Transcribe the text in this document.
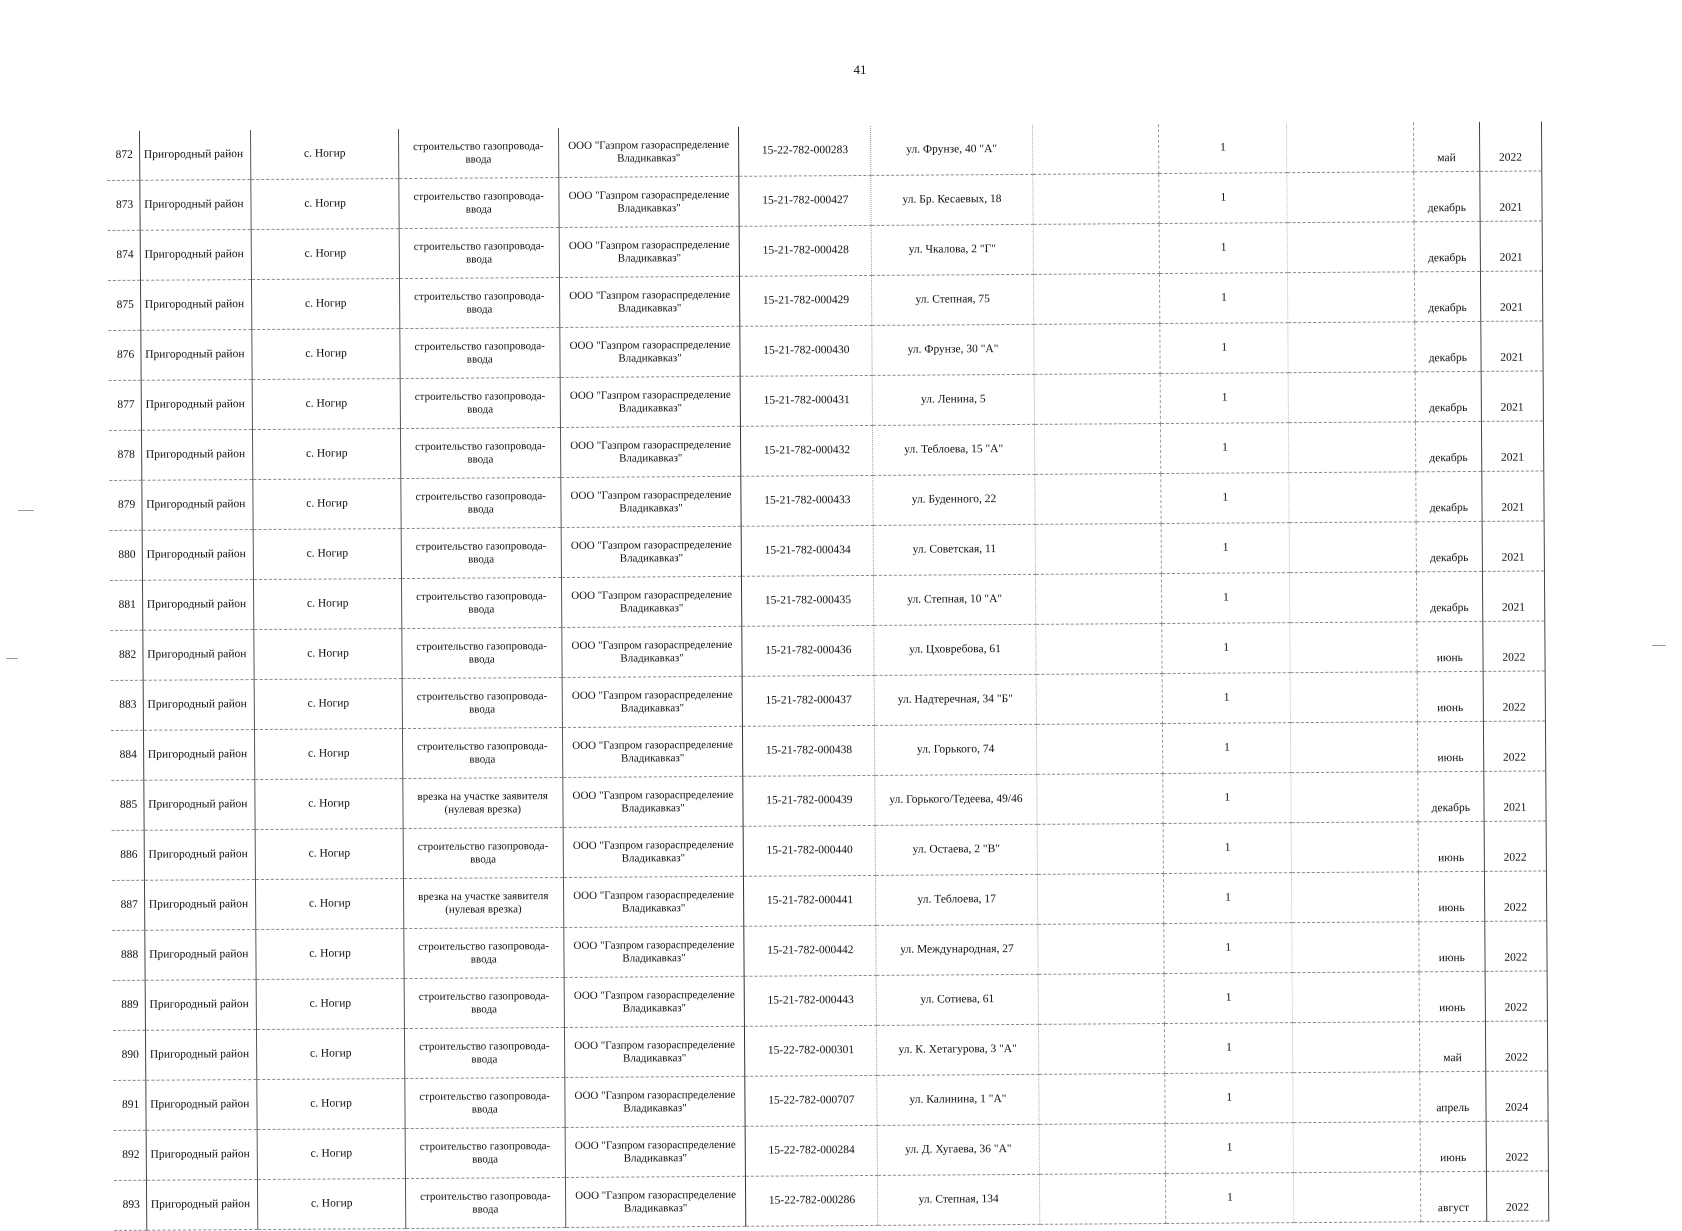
41
872	Пригородный район	с. Ногир	строительство газопровода-ввода	ООО "Газпром газораспределение Владикавказ"	15-22-782-000283	ул. Фрунзе, 40 "А"		1		май	2022
873	Пригородный район	с. Ногир	строительство газопровода-ввода	ООО "Газпром газораспределение Владикавказ"	15-21-782-000427	ул. Бр. Кесаевых, 18		1		декабрь	2021
874	Пригородный район	с. Ногир	строительство газопровода-ввода	ООО "Газпром газораспределение Владикавказ"	15-21-782-000428	ул. Чкалова, 2 "Г"		1		декабрь	2021
875	Пригородный район	с. Ногир	строительство газопровода-ввода	ООО "Газпром газораспределение Владикавказ"	15-21-782-000429	ул. Степная, 75		1		декабрь	2021
876	Пригородный район	с. Ногир	строительство газопровода-ввода	ООО "Газпром газораспределение Владикавказ"	15-21-782-000430	ул. Фрунзе, 30 "А"		1		декабрь	2021
877	Пригородный район	с. Ногир	строительство газопровода-ввода	ООО "Газпром газораспределение Владикавказ"	15-21-782-000431	ул. Ленина, 5		1		декабрь	2021
878	Пригородный район	с. Ногир	строительство газопровода-ввода	ООО "Газпром газораспределение Владикавказ"	15-21-782-000432	ул. Теблоева, 15 "А"		1		декабрь	2021
879	Пригородный район	с. Ногир	строительство газопровода-ввода	ООО "Газпром газораспределение Владикавказ"	15-21-782-000433	ул. Буденного, 22		1		декабрь	2021
880	Пригородный район	с. Ногир	строительство газопровода-ввода	ООО "Газпром газораспределение Владикавказ"	15-21-782-000434	ул. Советская, 11		1		декабрь	2021
881	Пригородный район	с. Ногир	строительство газопровода-ввода	ООО "Газпром газораспределение Владикавказ"	15-21-782-000435	ул. Степная, 10 "А"		1		декабрь	2021
882	Пригородный район	с. Ногир	строительство газопровода-ввода	ООО "Газпром газораспределение Владикавказ"	15-21-782-000436	ул. Цховребова, 61		1		июнь	2022
883	Пригородный район	с. Ногир	строительство газопровода-ввода	ООО "Газпром газораспределение Владикавказ"	15-21-782-000437	ул. Надтеречная, 34 "Б"		1		июнь	2022
884	Пригородный район	с. Ногир	строительство газопровода-ввода	ООО "Газпром газораспределение Владикавказ"	15-21-782-000438	ул. Горького, 74		1		июнь	2022
885	Пригородный район	с. Ногир	врезка на участке заявителя (нулевая врезка)	ООО "Газпром газораспределение Владикавказ"	15-21-782-000439	ул. Горького/Тедеева, 49/46		1		декабрь	2021
886	Пригородный район	с. Ногир	строительство газопровода-ввода	ООО "Газпром газораспределение Владикавказ"	15-21-782-000440	ул. Остаева, 2 "В"		1		июнь	2022
887	Пригородный район	с. Ногир	врезка на участке заявителя (нулевая врезка)	ООО "Газпром газораспределение Владикавказ"	15-21-782-000441	ул. Теблоева, 17		1		июнь	2022
888	Пригородный район	с. Ногир	строительство газопровода-ввода	ООО "Газпром газораспределение Владикавказ"	15-21-782-000442	ул. Международная, 27		1		июнь	2022
889	Пригородный район	с. Ногир	строительство газопровода-ввода	ООО "Газпром газораспределение Владикавказ"	15-21-782-000443	ул. Сотиева, 61		1		июнь	2022
890	Пригородный район	с. Ногир	строительство газопровода-ввода	ООО "Газпром газораспределение Владикавказ"	15-22-782-000301	ул. К. Хетагурова, 3 "А"		1		май	2022
891	Пригородный район	с. Ногир	строительство газопровода-ввода	ООО "Газпром газораспределение Владикавказ"	15-22-782-000707	ул. Калинина, 1 "А"		1		апрель	2024
892	Пригородный район	с. Ногир	строительство газопровода-ввода	ООО "Газпром газораспределение Владикавказ"	15-22-782-000284	ул. Д. Хугаева, 36 "А"		1		июнь	2022
893	Пригородный район	с. Ногир	строительство газопровода-ввода	ООО "Газпром газораспределение Владикавказ"	15-22-782-000286	ул. Степная, 134		1		август	2022
